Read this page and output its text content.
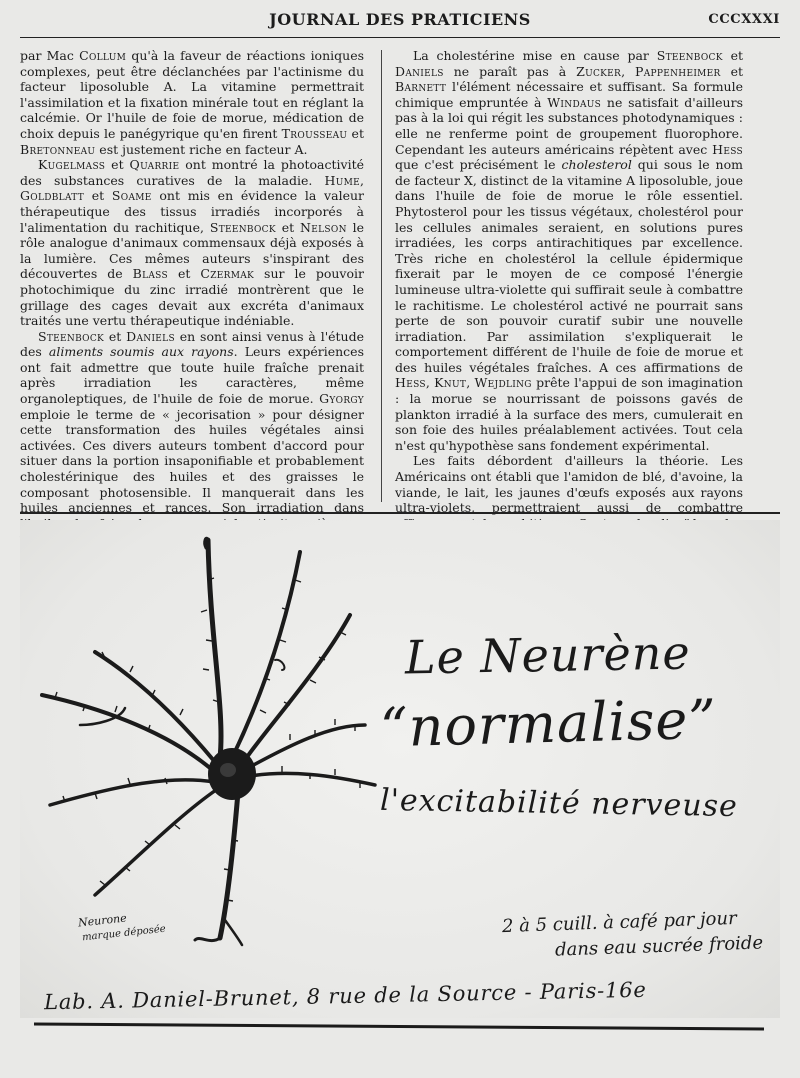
JOURNAL DES PRATICIENS	CCCXXXI

par Mac Collum qu'à la faveur de réactions ioniques complexes, peut être déclanchées par l'actinisme du facteur liposoluble A. La vitamine permettrait l'assimilation et la fixation minérale tout en réglant la calcémie. Or l'huile de foie de morue, médication de choix depuis le panégyrique qu'en firent Trousseau et Bretonneau est justement riche en facteur A.

Kugelmass et Quarrie ont montré la photoactivité des substances curatives de la maladie. Hume, Goldblatt et Soame ont mis en évidence la valeur thérapeutique des tissus irradiés incorporés à l'alimentation du rachitique, Steenbock et Nelson le rôle analogue d'animaux commensaux déjà exposés à la lumière. Ces mêmes auteurs s'inspirant des découvertes de Blass et Czermak sur le pouvoir photochimique du zinc irradié montrèrent que le grillage des cages devait aux excréta d'animaux traités une vertu thérapeutique indéniable.

Steenbock et Daniels en sont ainsi venus à l'étude des aliments soumis aux rayons. Leurs expériences ont fait admettre que toute huile fraîche prenait après irradiation les caractères, même organoleptiques, de l'huile de foie de morue. Gyorgy emploie le terme de « jecorisation » pour désigner cette transformation des huiles végétales ainsi activées. Ces divers auteurs tombent d'accord pour situer dans la portion insaponifiable et probablement cholestérinique des huiles et des graisses le composant photosensible. Il manquerait dans les huiles anciennes et rances. Son irradiation dans

La cholestérine mise en cause par Steenbock et Daniels ne paraît pas à Zucker, Pappenheimer et Barnett l'élément nécessaire et suffisant. Sa formule chimique empruntée à Windaus ne satisfait d'ailleurs pas à la loi qui régit les substances photodynamiques : elle ne renferme point de groupement fluorophore. Cependant les auteurs américains répètent avec Hess que c'est précisément le cholesterol qui sous le nom de facteur X, distinct de la vitamine A liposoluble, joue dans l'huile de foie de morue le rôle essentiel. Phytosterol pour les tissus végétaux, cholestérol pour les cellules animales seraient, en solutions pures irradiées, les corps antirachitiques par excellence. Très riche en cholestérol la cellule épidermique fixerait par le moyen de ce composé l'énergie lumineuse ultra-violette qui suffirait seule à combattre le rachitisme. Le cholestérol activé ne pourrait sans perte de son pouvoir curatif subir une nouvelle irradiation. Par assimilation s'expliquerait le comportement différent de l'huile de foie de morue et des huiles végétales fraîches. A ces affirmations de Hess, Knut, Wejdling prête l'appui de son imagination : la morue se nourrissant de poissons gavés de plankton irradié à la surface des mers, cumulerait en son foie des huiles préalablement activées. Tout cela n'est qu'hypothèse sans fondement expérimental.

Les faits débordent d'ailleurs la théorie. Les Américains ont établi que l'amidon de blé, d'avoine, la viande, le lait, les jaunes d'œufs exposés aux rayons ultra-violets, permettraient aussi de combattre

Le Neurène
“normalise”
l'excitabilité nerveuse
2 à 5 cuill. à café par jour
dans eau sucrée froide
Neurone
marque déposée
Lab. A. Daniel-Brunet, 8 rue de la Source - Paris-16e
